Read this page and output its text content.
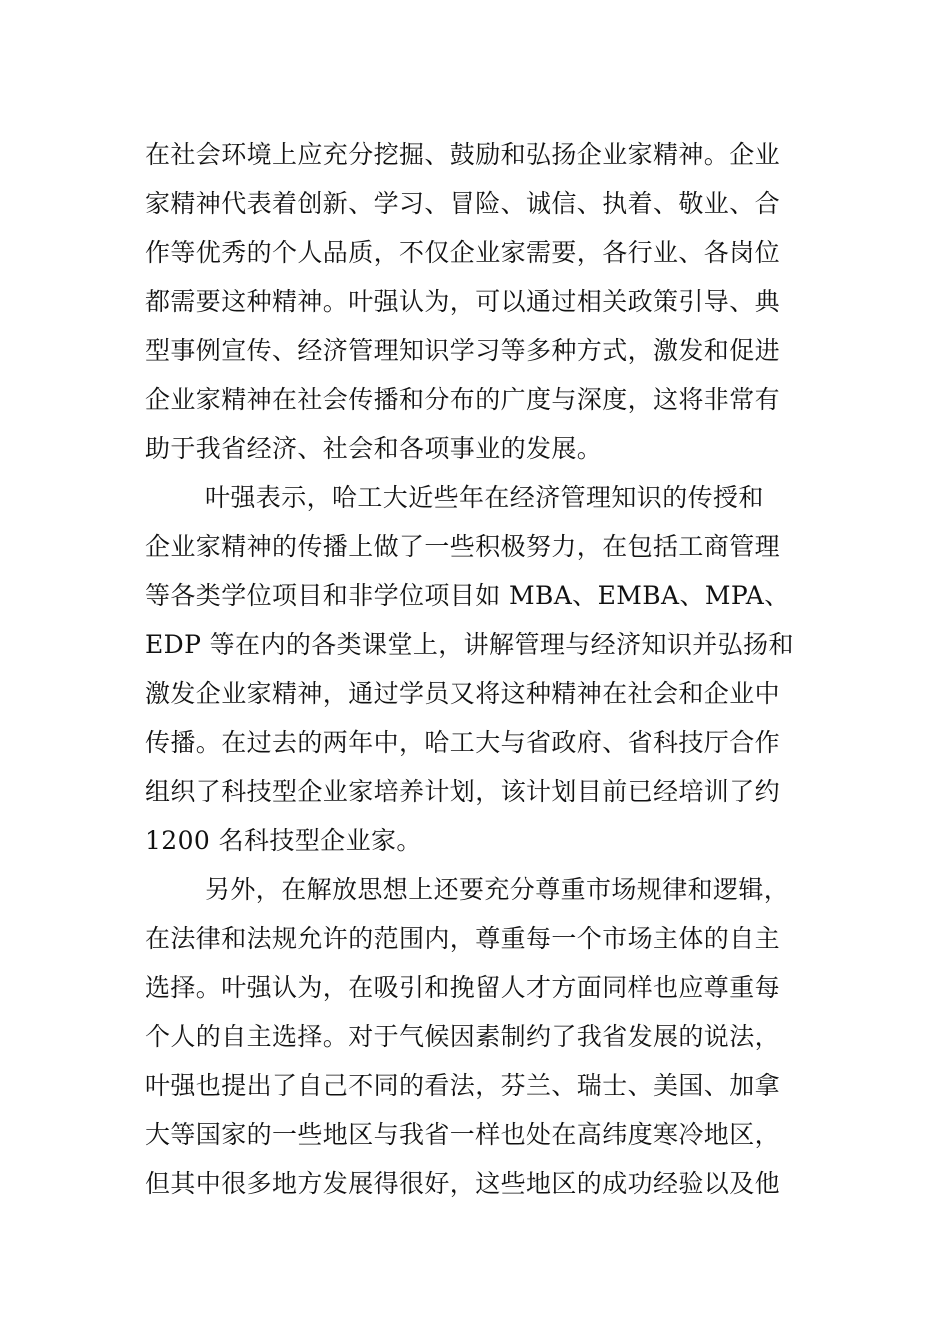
在社会环境上应充分挖掘、鼓励和弘扬企业家精神。企业
家精神代表着创新、学习、冒险、诚信、执着、敬业、合
作等优秀的个人品质，不仅企业家需要，各行业、各岗位
都需要这种精神。叶强认为，可以通过相关政策引导、典
型事例宣传、经济管理知识学习等多种方式，激发和促进
企业家精神在社会传播和分布的广度与深度，这将非常有
助于我省经济、社会和各项事业的发展。
叶强表示，哈工大近些年在经济管理知识的传授和
企业家精神的传播上做了一些积极努力，在包括工商管理
等各类学位项目和非学位项目如 MBA、EMBA、MPA、
EDP 等在内的各类课堂上，讲解管理与经济知识并弘扬和
激发企业家精神，通过学员又将这种精神在社会和企业中
传播。在过去的两年中，哈工大与省政府、省科技厅合作
组织了科技型企业家培养计划，该计划目前已经培训了约
1200 名科技型企业家。
另外，在解放思想上还要充分尊重市场规律和逻辑，
在法律和法规允许的范围内，尊重每一个市场主体的自主
选择。叶强认为，在吸引和挽留人才方面同样也应尊重每
个人的自主选择。对于气候因素制约了我省发展的说法，
叶强也提出了自己不同的看法，芬兰、瑞士、美国、加拿
大等国家的一些地区与我省一样也处在高纬度寒冷地区，
但其中很多地方发展得很好，这些地区的成功经验以及他
